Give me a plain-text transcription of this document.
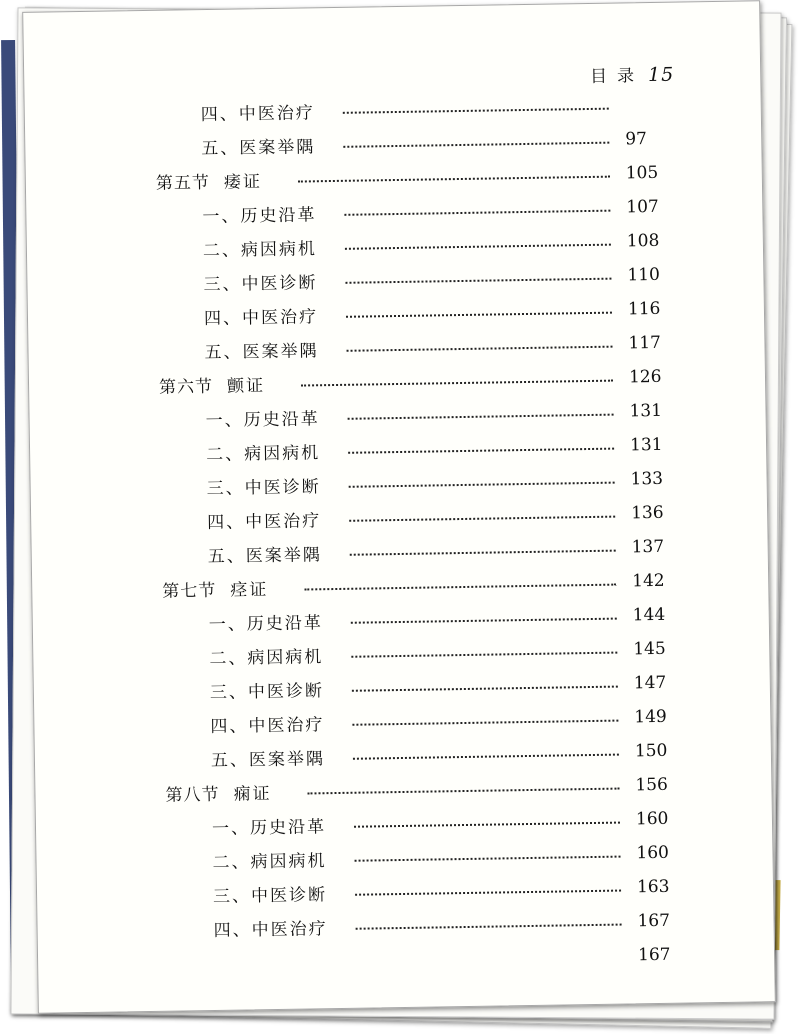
目录 15
四、中医治疗
五、医案举隅	97
第五节 痿证	105
一、历史沿革	107
二、病因病机	108
三、中医诊断	110
四、中医治疗	116
五、医案举隅	117
第六节 颤证	126
一、历史沿革	131
二、病因病机	131
三、中医诊断	133
四、中医治疗	136
五、医案举隅	137
第七节 痉证	142
一、历史沿革	144
二、病因病机	145
三、中医诊断	147
四、中医治疗	149
五、医案举隅	150
第八节 痫证	156
一、历史沿革	160
二、病因病机	160
三、中医诊断	163
四、中医治疗	167
167
